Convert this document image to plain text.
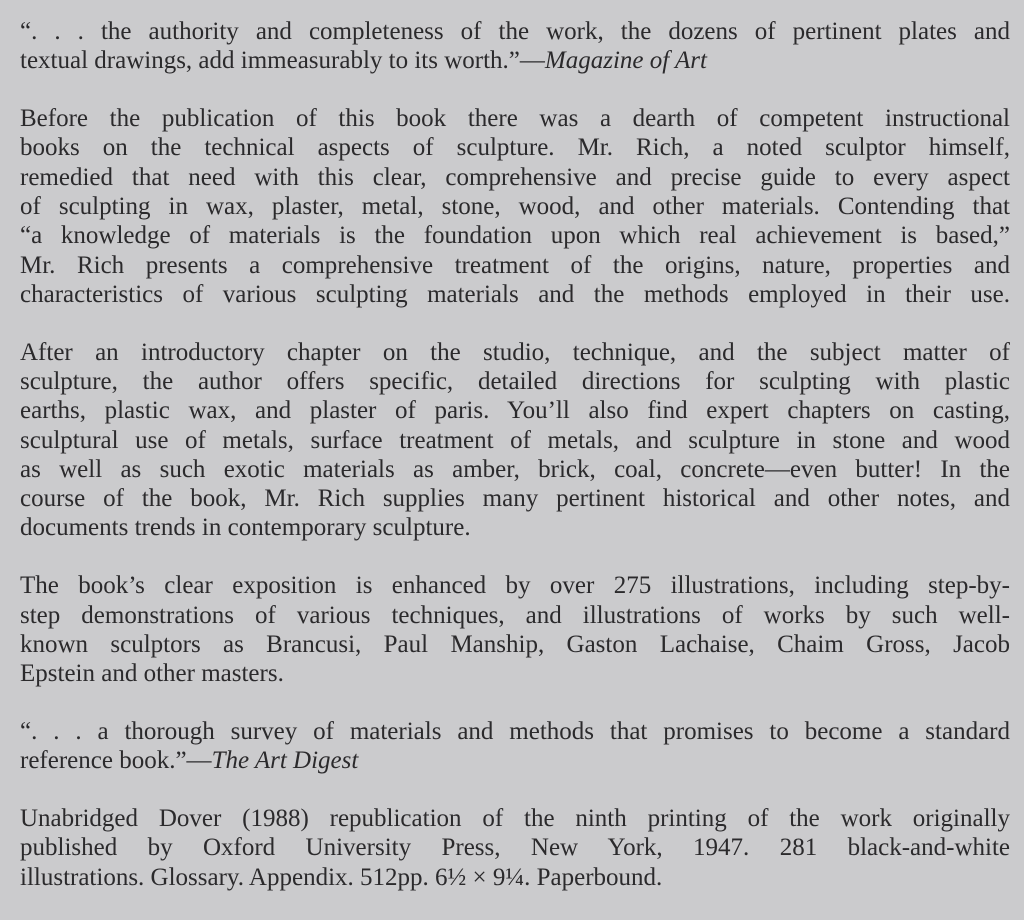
“. . . the authority and completeness of the work, the dozens of pertinent plates and
textual drawings, add immeasurably to its worth.”—Magazine of Art
Before the publication of this book there was a dearth of competent instructional
books on the technical aspects of sculpture. Mr. Rich, a noted sculptor himself,
remedied that need with this clear, comprehensive and precise guide to every aspect
of sculpting in wax, plaster, metal, stone, wood, and other materials. Contending that
“a knowledge of materials is the foundation upon which real achievement is based,”
Mr. Rich presents a comprehensive treatment of the origins, nature, properties and
characteristics of various sculpting materials and the methods employed in their use.
After an introductory chapter on the studio, technique, and the subject matter of
sculpture, the author offers specific, detailed directions for sculpting with plastic
earths, plastic wax, and plaster of paris. You’ll also find expert chapters on casting,
sculptural use of metals, surface treatment of metals, and sculpture in stone and wood
as well as such exotic materials as amber, brick, coal, concrete—even butter! In the
course of the book, Mr. Rich supplies many pertinent historical and other notes, and
documents trends in contemporary sculpture.
The book’s clear exposition is enhanced by over 275 illustrations, including step-by-
step demonstrations of various techniques, and illustrations of works by such well-
known sculptors as Brancusi, Paul Manship, Gaston Lachaise, Chaim Gross, Jacob
Epstein and other masters.
“. . . a thorough survey of materials and methods that promises to become a standard
reference book.”—The Art Digest
Unabridged Dover (1988) republication of the ninth printing of the work originally
published by Oxford University Press, New York, 1947. 281 black-and-white
illustrations. Glossary. Appendix. 512pp. 6½ × 9¼. Paperbound.
